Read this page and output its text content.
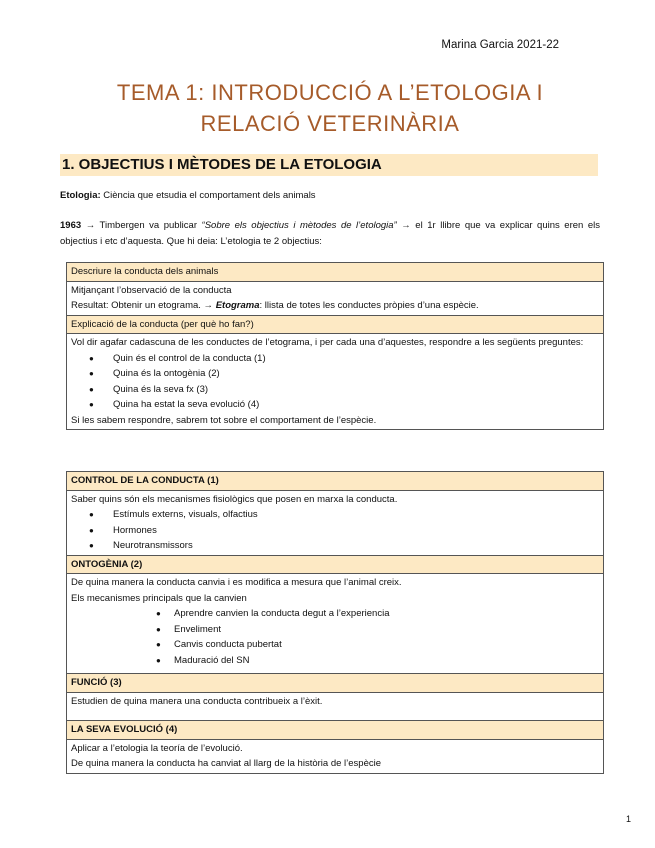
Marina Garcia 2021-22
TEMA 1: INTRODUCCIÓ A L’ETOLOGIA I
RELACIÓ VETERINÀRIA
1. OBJECTIUS I MÈTODES DE LA ETOLOGIA
Etologia: Ciència que etsudia el comportament dels animals
1963 → Timbergen va publicar “Sobre els objectius i mètodes de l’etologia” → el 1r llibre que va explicar quins eren els objectius i etc d’aquesta. Que hi deia: L’etologia te 2 objectius:
Descriure la conducta dels animals

Mitjançant l’observació de la conducta
Resultat: Obtenir un etograma. → Etograma: llista de totes les conductes pròpies d’una espècie.

Explicació de la conducta (per què ho fan?)

Vol dir agafar cadascuna de les conductes de l’etograma, i per cada una d’aquestes, respondre a les següents preguntes:
● Quin és el control de la conducta (1)
● Quina és la ontogènia (2)
● Quina és la seva fx (3)
● Quina ha estat la seva evolució (4)
Si les sabem respondre, sabrem tot sobre el comportament de l’espècie.
CONTROL DE LA CONDUCTA (1)

Saber quins són els mecanismes fisiològics que posen en marxa la conducta.
● Estímuls externs, visuals, olfactius
● Hormones
● Neurotransmissors

ONTOGÈNIA (2)

De quina manera la conducta canvia i es modifica a mesura que l’animal creix.
Els mecanismes principals que la canvien
● Aprendre canvien la conducta degut a l’experiencia
● Enveliment
● Canvis conducta pubertat
● Maduració del SN

FUNCIÓ (3)

Estudien de quina manera una conducta contribueix a l’èxit.

LA SEVA EVOLUCIÓ (4)

Aplicar a l’etologia la teoría de l’evolució.
De quina manera la conducta ha canviat al llarg de la història de l’espècie
1
